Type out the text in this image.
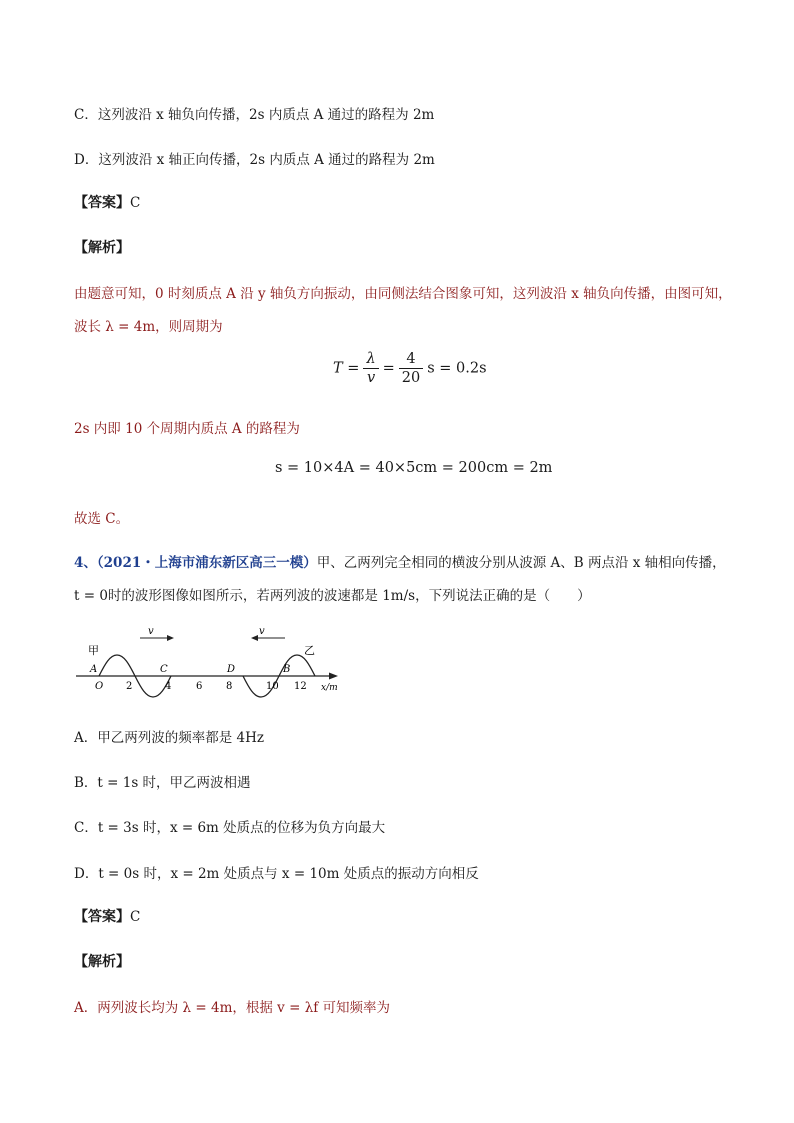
C．这列波沿 x 轴负向传播，2s 内质点 A 通过的路程为 2m
D．这列波沿 x 轴正向传播，2s 内质点 A 通过的路程为 2m
【答案】C
【解析】
由题意可知，0 时刻质点 A 沿 y 轴负方向振动，由同侧法结合图象可知，这列波沿 x 轴负向传播，由图可知，
波长 λ = 4m，则周期为
$T = \frac{\lambda}{v} = \frac{4}{20}$ s = 0.2s
2s 内即 10 个周期内质点 A 的路程为
s = 10×4A = 40×5cm = 200cm = 2m
故选 C。
4、（2021・上海市浦东新区高三一模）甲、乙两列完全相同的横波分别从波源 A、B 两点沿 x 轴相向传播，
t = 0时的波形图像如图所示，若两列波的波速都是 1m/s，下列说法正确的是（　　）
v	v
甲	乙
A	C	D	B
O 2	4 6 8	10 12 x/m
A．甲乙两列波的频率都是 4Hz
B．t = 1s 时，甲乙两波相遇
C．t = 3s 时，x = 6m 处质点的位移为负方向最大
D．t = 0s 时，x = 2m 处质点与 x = 10m 处质点的振动方向相反
【答案】C
【解析】
A．两列波长均为 λ = 4m，根据 v = λf 可知频率为
